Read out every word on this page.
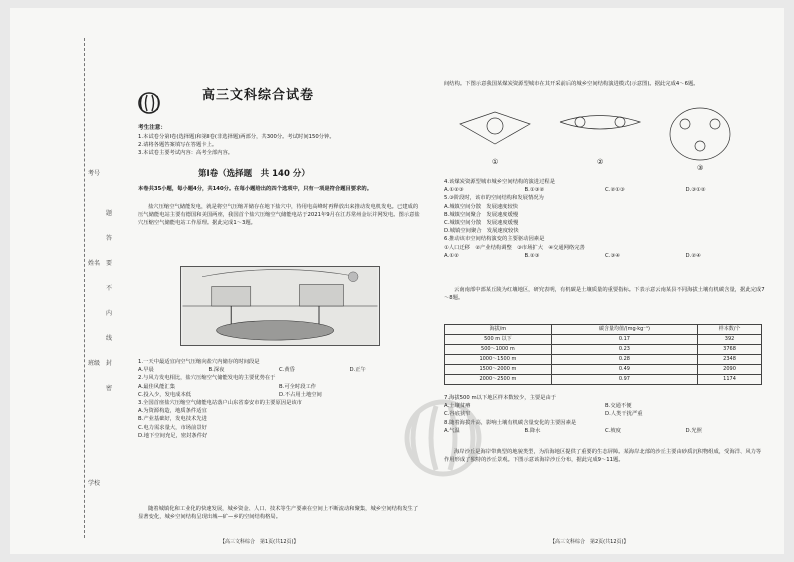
考号
姓名
班级
学校
题
答
要
不
内
线
封
密
高三文科综合试卷
考生注意：
1.本试卷分第Ⅰ卷(选择题)和第Ⅱ卷(非选择题)两部分，共300分。考试时间150分钟。
2.请将各题答案填写在答题卡上。
3.本试卷主要考试内容：高考全部内容。
第Ⅰ卷（选择题　共 140 分）
本卷共35小题，每小题4分，共140分。在每小题给出的四个选项中，只有一项是符合题目要求的。
盐穴压缩空气储能发电，就是将空气压缩并储存在地下盐穴中，待用电高峰时再释放出来推动发电机发电。已建成的压气储能电站主要有德国和美国两座，我国首个盐穴压缩空气储能电站于2021年9月在江苏常州金坛并网发电。图示意盐穴压缩空气储能电站工作原理。据此完成1～3题。
1.一天中最适宜向空气压缩向盐穴内储存的时间段是
A.早晨	B.深夜	C.黄昏	D.正午
2.与风力发电相比，盐穴压缩空气储能发电的主要优势在于
A.最佳风能汇集	B.可全时段工作
C.投入少，发电成本低	D.不占用土地空间
3.全国首座盐穴压缩空气储能电站落户山东省泰安市的主要原因是该市
A.为资源构造，地质条件适宜
B.产业基础好，发电技术先进
C.电力需求量大，市场前景好
D.地下空间充足，密封条件好
随着城镇化和工业化的快速发展，城乡资金、人口、技术等生产要素在空间上不断流动和聚集，城乡空间结构发生了显著变化，城乡空间结构呈现出城—矿—乡的空间结构格局。
【高三文科综合　第1页(共12页)】
间结构。下图示意我国某煤炭资源型城市在其开采前后的城乡空间结构演进模式(示意图)。据此完成4～6题。
①	②
③
4.该煤炭资源型城市城乡空间结构的演进过程是
A.①②③	B.①③②	C.②①③	D.③①②
5.③阶段时，该市的空间结构和发展情况为
A.城镇空间分散　发展速度较快
B.城镇空间聚合　发展速度缓慢
C.城镇空间分散　发展速度缓慢
D.城镇空间聚合　发展速度较快
6.推动该市空间结构演变的主要驱动因素是
①人口迁移　②产业结构调整　③市场扩大　④交通网络完善
A.①②	B.②③	C.③④	D.②④
云南南部中部某丘陵为红壤地区，研究表明，有机碳是土壤质量的重要指标。下表示意云南某县不同海拔土壤有机碳含量，据此完成7～8题。
海拔/m	碳含量均值/(mg·kg⁻¹)	样本数/个
500 m 以下	0.17	392
500～1000 m	0.23	3768
1000～1500 m	0.28	2348
1500～2000 m	0.49	2090
2000～2500 m	0.97	1174
7.海拔500 m以下地区样本数较少，主要是由于
A.土壤贫瘠	B.交通不便
C.谷底狭窄	D.人类干扰严重
8.随着海拔升高，影响土壤有机碳含量变化的主要因素是
A.气温	B.降水	C.坡度	D.光照
海岸沙丘是海岸带典型的地貌类型，为沿海地区提供了重要的生态屏障。某海岸北部的沙丘主要由砂质沉积物组成，受海洋、风力等作用形成了独特的沙丘景观。下图示意该海岸沙丘分布，据此完成9～11题。
【高三文科综合　第2页(共12页)】
